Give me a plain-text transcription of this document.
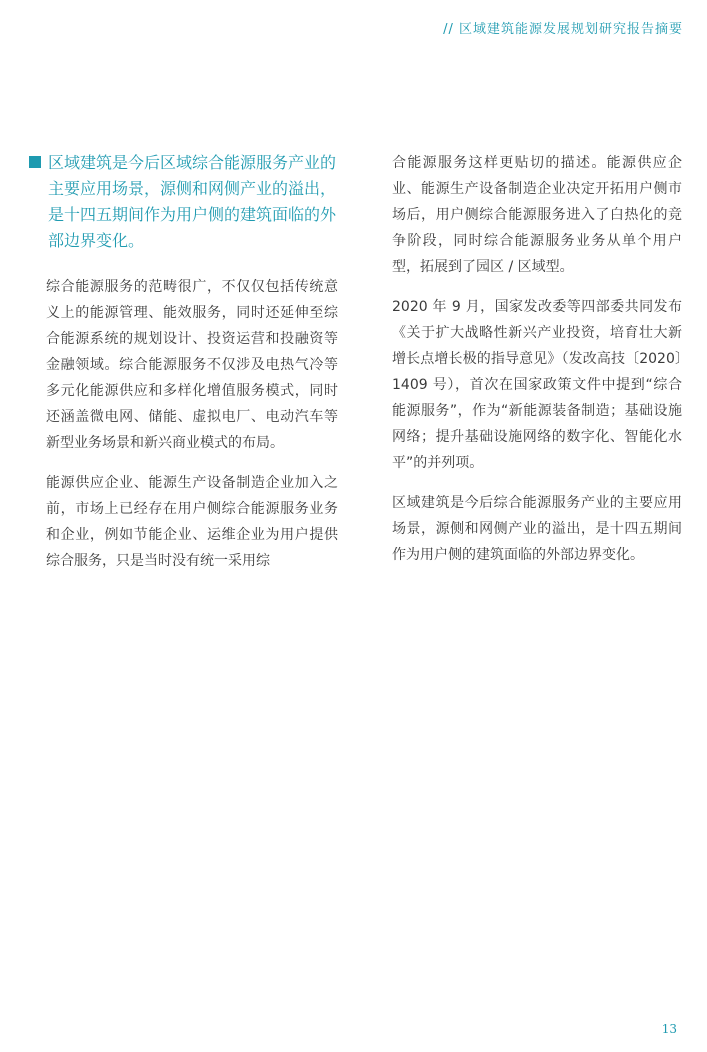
// 区域建筑能源发展规划研究报告摘要

区域建筑是今后区域综合能源服务产业的主要应用场景，源侧和网侧产业的溢出，是十四五期间作为用户侧的建筑面临的外部边界变化。

综合能源服务的范畴很广，不仅仅包括传统意义上的能源管理、能效服务，同时还延伸至综合能源系统的规划设计、投资运营和投融资等金融领域。综合能源服务不仅涉及电热气冷等多元化能源供应和多样化增值服务模式，同时还涵盖微电网、储能、虚拟电厂、电动汽车等新型业务场景和新兴商业模式的布局。

能源供应企业、能源生产设备制造企业加入之前，市场上已经存在用户侧综合能源服务业务和企业，例如节能企业、运维企业为用户提供综合服务，只是当时没有统一采用综

合能源服务这样更贴切的描述。能源供应企业、能源生产设备制造企业决定开拓用户侧市场后，用户侧综合能源服务进入了白热化的竞争阶段，同时综合能源服务业务从单个用户型，拓展到了园区 / 区域型。

2020 年 9 月，国家发改委等四部委共同发布《关于扩大战略性新兴产业投资，培育壮大新增长点增长极的指导意见》（发改高技〔2020〕1409 号），首次在国家政策文件中提到“综合能源服务”，作为“新能源装备制造；基础设施网络；提升基础设施网络的数字化、智能化水平”的并列项。

区域建筑是今后综合能源服务产业的主要应用场景，源侧和网侧产业的溢出，是十四五期间作为用户侧的建筑面临的外部边界变化。

13
